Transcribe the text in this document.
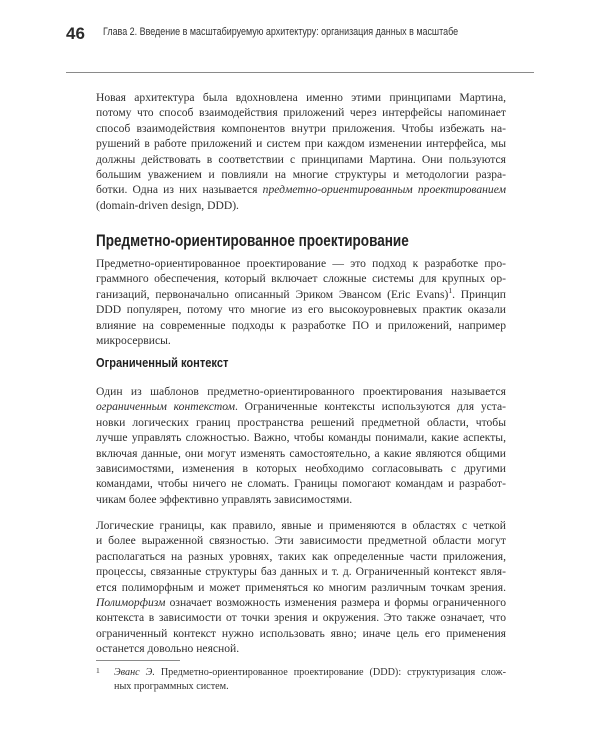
46 Глава 2. Введение в масштабируемую архитектуру: организация данных в масштабе
Новая архитектура была вдохновлена именно этими принципами Мартина,
потому что способ взаимодействия приложений через интерфейсы напоминает
способ взаимодействия компонентов внутри приложения. Чтобы избежать на-
рушений в работе приложений и систем при каждом изменении интерфейса, мы
должны действовать в соответствии с принципами Мартина. Они пользуются
большим уважением и повлияли на многие структуры и методологии разра-
ботки. Одна из них называется предметно-ориентированным проектированием
(domain-driven design, DDD).
Предметно-ориентированное проектирование
Предметно-ориентированное проектирование — это подход к разработке про-
граммного обеспечения, который включает сложные системы для крупных ор-
ганизаций, первоначально описанный Эриком Эвансом (Eric Evans)$^1$. Принцип
DDD популярен, потому что многие из его высокоуровневых практик оказали
влияние на современные подходы к разработке ПО и приложений, например
микросервисы.
Ограниченный контекст
Один из шаблонов предметно-ориентированного проектирования называется
ограниченным контекстом. Ограниченные контексты используются для уста-
новки логических границ пространства решений предметной области, чтобы
лучше управлять сложностью. Важно, чтобы команды понимали, какие аспекты,
включая данные, они могут изменять самостоятельно, а какие являются общими
зависимостями, изменения в которых необходимо согласовывать с другими
командами, чтобы ничего не сломать. Границы помогают командам и разработ-
чикам более эффективно управлять зависимостями.
Логические границы, как правило, явные и применяются в областях с четкой
и более выраженной связностью. Эти зависимости предметной области могут
располагаться на разных уровнях, таких как определенные части приложения,
процессы, связанные структуры баз данных и т. д. Ограниченный контекст явля-
ется полиморфным и может применяться ко многим различным точкам зрения.
Полиморфизм означает возможность изменения размера и формы ограниченного
контекста в зависимости от точки зрения и окружения. Это также означает, что
ограниченный контекст нужно использовать явно; иначе цель его применения
останется довольно неясной.
1	Эванс Э. Предметно-ориентированное проектирование (DDD): структуризация слож-
ных программных систем.
